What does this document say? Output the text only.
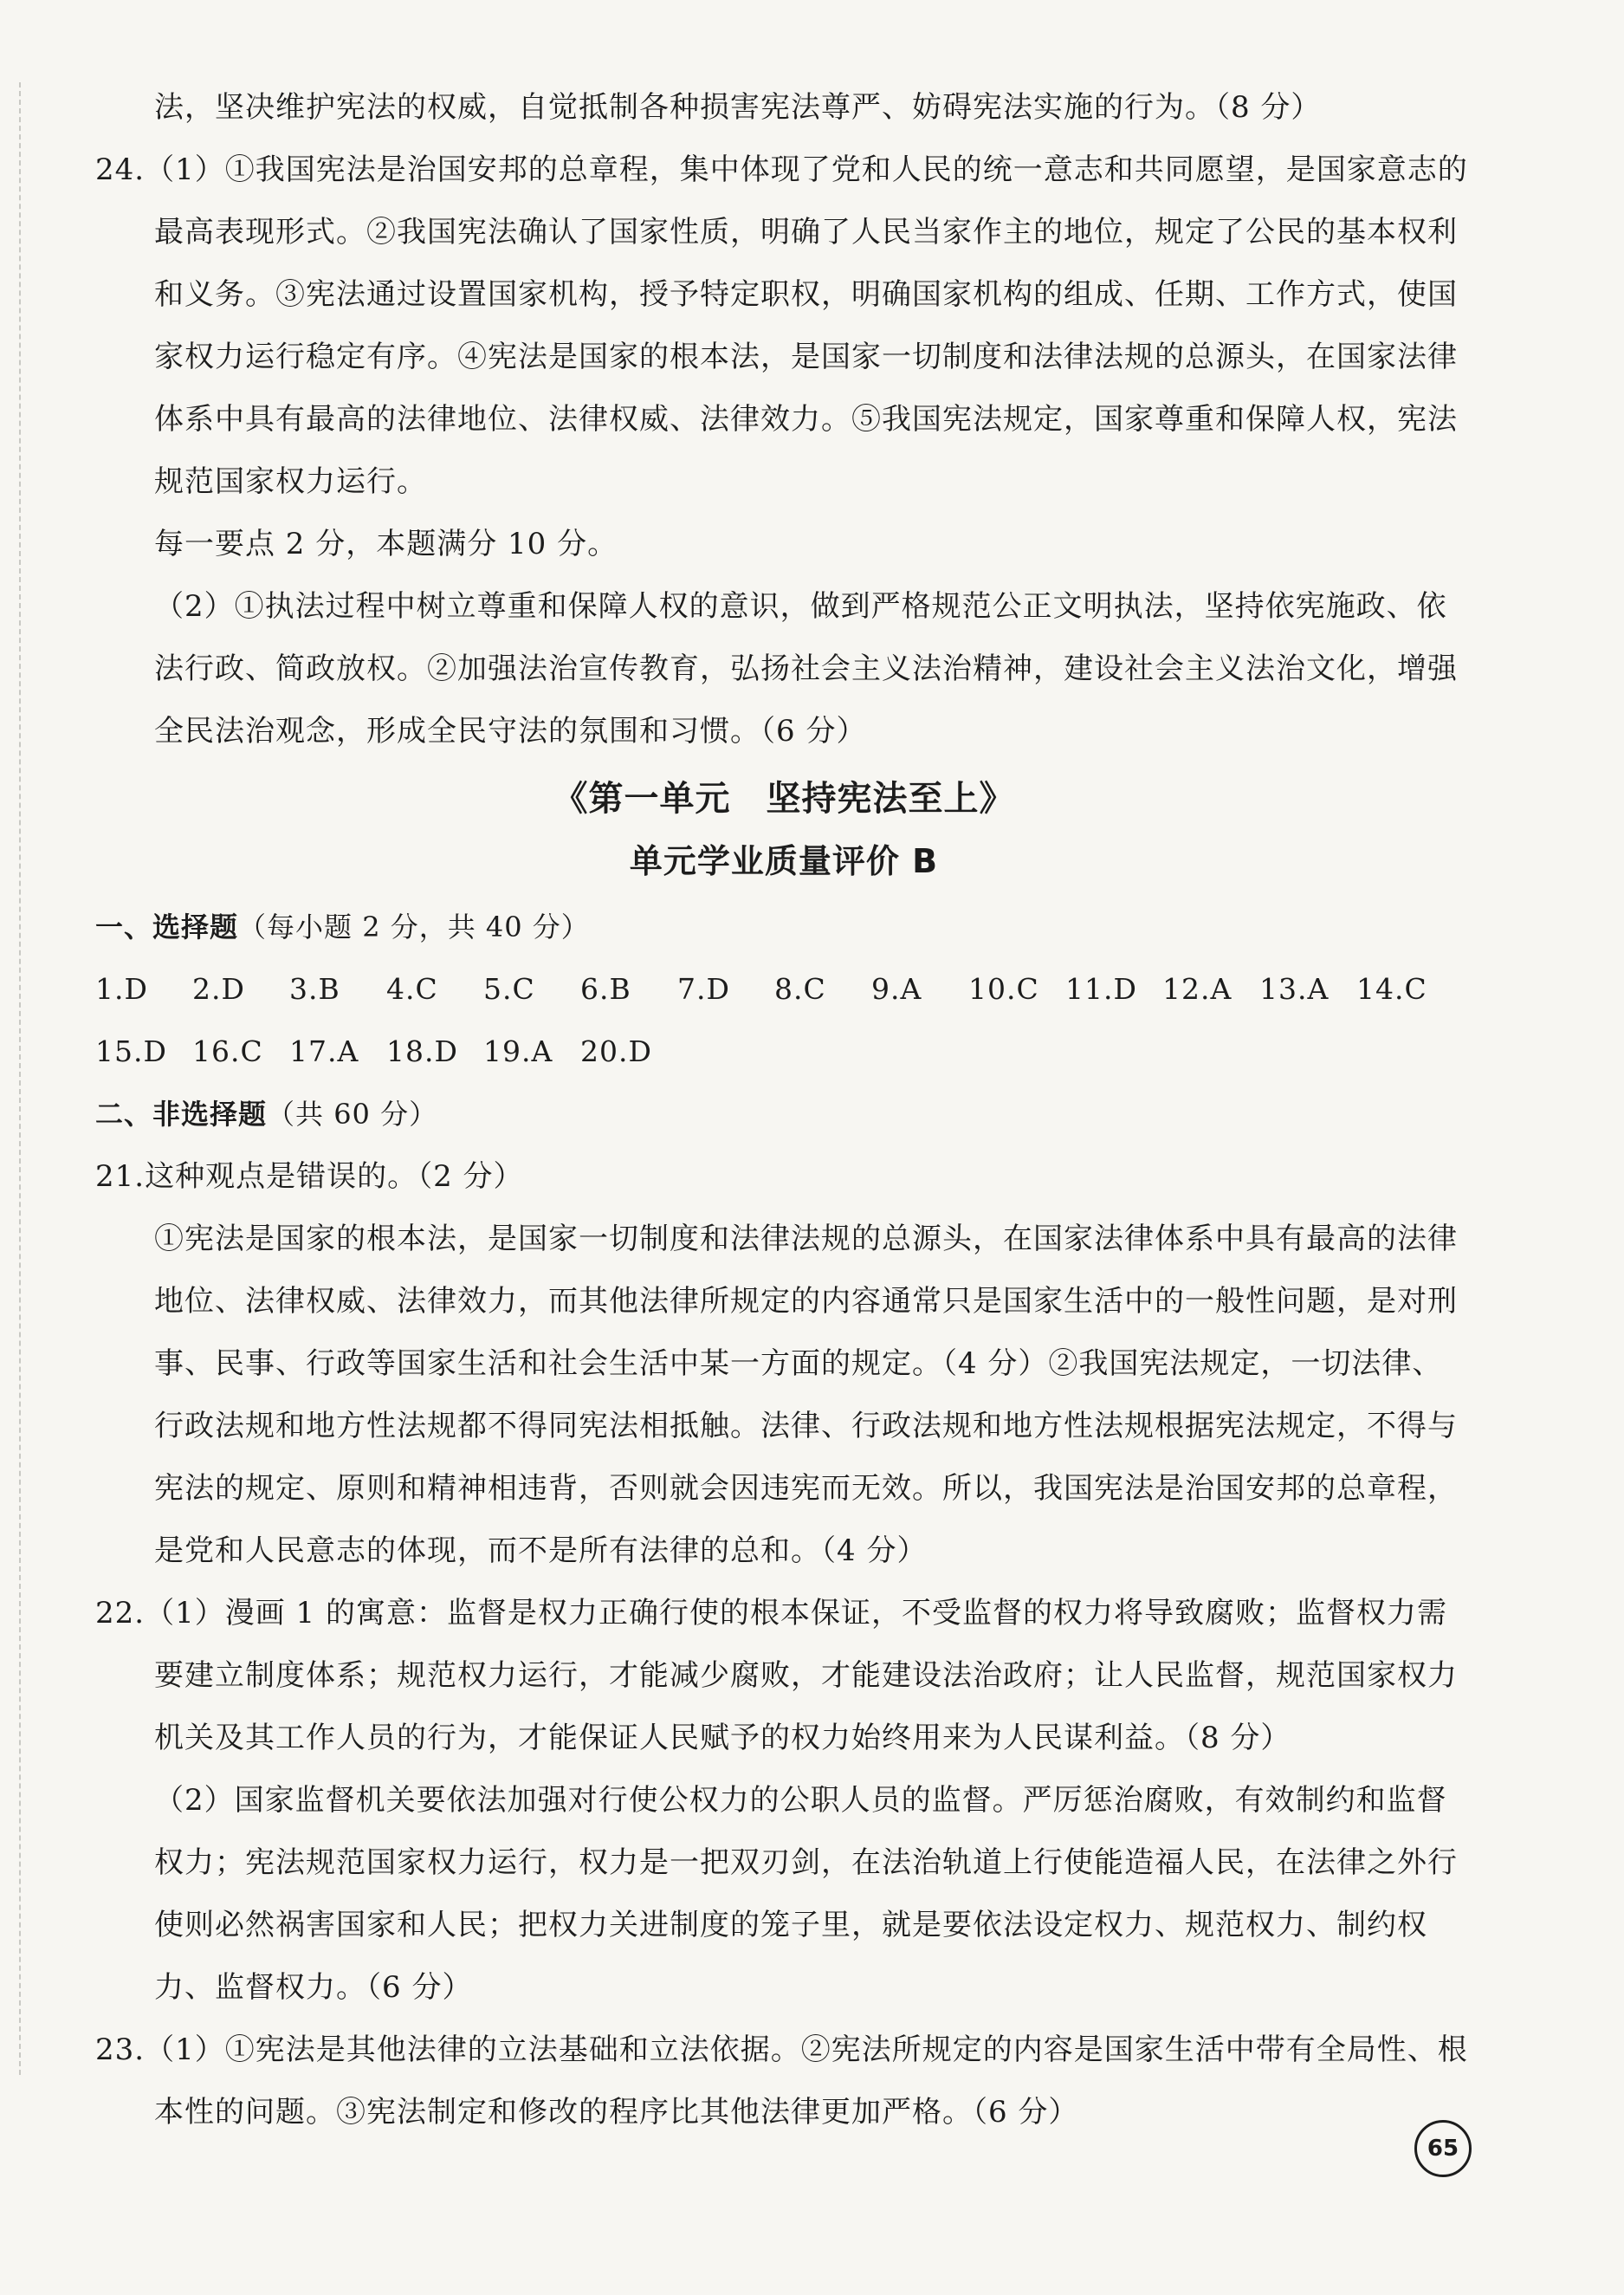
法，坚决维护宪法的权威，自觉抵制各种损害宪法尊严、妨碍宪法实施的行为。（8 分）

24.（1）①我国宪法是治国安邦的总章程，集中体现了党和人民的统一意志和共同愿望，是国家意志的最高表现形式。②我国宪法确认了国家性质，明确了人民当家作主的地位，规定了公民的基本权利和义务。③宪法通过设置国家机构，授予特定职权，明确国家机构的组成、任期、工作方式，使国家权力运行稳定有序。④宪法是国家的根本法，是国家一切制度和法律法规的总源头，在国家法律体系中具有最高的法律地位、法律权威、法律效力。⑤我国宪法规定，国家尊重和保障人权，宪法规范国家权力运行。

每一要点 2 分，本题满分 10 分。

（2）①执法过程中树立尊重和保障人权的意识，做到严格规范公正文明执法，坚持依宪施政、依法行政、简政放权。②加强法治宣传教育，弘扬社会主义法治精神，建设社会主义法治文化，增强全民法治观念，形成全民守法的氛围和习惯。（6 分）

《第一单元　坚持宪法至上》
单元学业质量评价 B

一、选择题（每小题 2 分，共 40 分）

1.D	2.D	3.B	4.C	5.C	6.B	7.D	8.C	9.A	10.C 11.D 12.A 13.A 14.C
15.D 16.C 17.A 18.D 19.A 20.D

二、非选择题（共 60 分）

21.这种观点是错误的。（2 分）

①宪法是国家的根本法，是国家一切制度和法律法规的总源头，在国家法律体系中具有最高的法律地位、法律权威、法律效力，而其他法律所规定的内容通常只是国家生活中的一般性问题，是对刑事、民事、行政等国家生活和社会生活中某一方面的规定。（4 分）②我国宪法规定，一切法律、行政法规和地方性法规都不得同宪法相抵触。法律、行政法规和地方性法规根据宪法规定，不得与宪法的规定、原则和精神相违背，否则就会因违宪而无效。所以，我国宪法是治国安邦的总章程，是党和人民意志的体现，而不是所有法律的总和。（4 分）

22.（1）漫画 1 的寓意：监督是权力正确行使的根本保证，不受监督的权力将导致腐败；监督权力需要建立制度体系；规范权力运行，才能减少腐败，才能建设法治政府；让人民监督，规范国家权力机关及其工作人员的行为，才能保证人民赋予的权力始终用来为人民谋利益。（8 分）

（2）国家监督机关要依法加强对行使公权力的公职人员的监督。严厉惩治腐败，有效制约和监督权力；宪法规范国家权力运行，权力是一把双刃剑，在法治轨道上行使能造福人民，在法律之外行使则必然祸害国家和人民；把权力关进制度的笼子里，就是要依法设定权力、规范权力、制约权力、监督权力。（6 分）

23.（1）①宪法是其他法律的立法基础和立法依据。②宪法所规定的内容是国家生活中带有全局性、根本性的问题。③宪法制定和修改的程序比其他法律更加严格。（6 分）

65
